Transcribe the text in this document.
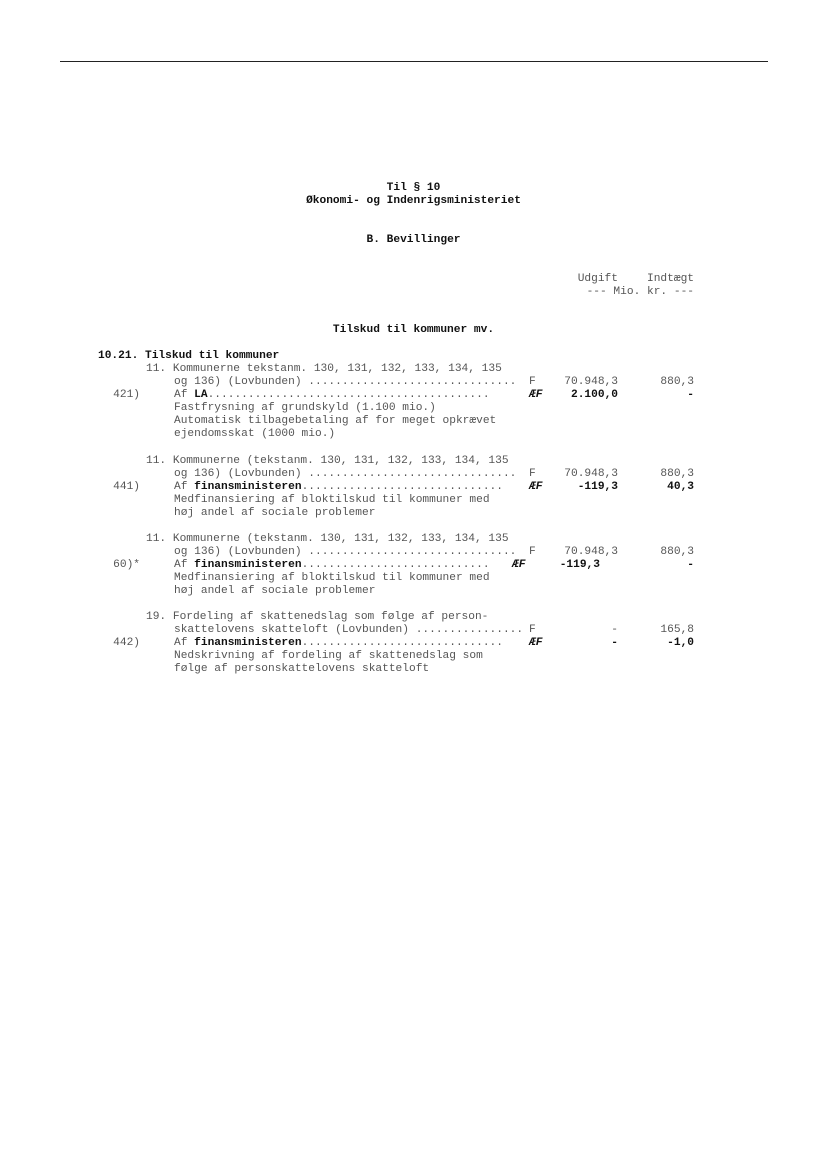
Til § 10
Økonomi- og Indenrigsministeriet
B. Bevillinger
Udgift	Indtægt
--- Mio. kr. ---
Tilskud til kommuner mv.
10.21. Tilskud til kommuner
11. Kommunerne tekstanm. 130, 131, 132, 133, 134, 135
og 136) (Lovbunden) ............................... F	70.948,3	880,3
421)	Af LA..........................................	ÆF	2.100,0	-
Fastfrysning af grundskyld (1.100 mio.)
Automatisk tilbagebetaling af for meget opkrævet
ejendomsskat (1000 mio.)
11. Kommunerne (tekstanm. 130, 131, 132, 133, 134, 135
og 136) (Lovbunden) ............................... F	70.948,3	880,3
441)	Af finansministeren.............................. ÆF	-119,3	40,3
Medfinansiering af bloktilskud til kommuner med
høj andel af sociale problemer
11. Kommunerne (tekstanm. 130, 131, 132, 133, 134, 135
og 136) (Lovbunden) ............................... F	70.948,3	880,3
60)*	Af finansministeren............................ ÆF	-119,3	-
Medfinansiering af bloktilskud til kommuner med
høj andel af sociale problemer
19. Fordeling af skattenedslag som følge af person-
skattelovens skatteloft (Lovbunden) ................ F	-	165,8
442)	Af finansministeren.............................. ÆF	-	-1,0
Nedskrivning af fordeling af skattenedslag som
følge af personskattelovens skatteloft
